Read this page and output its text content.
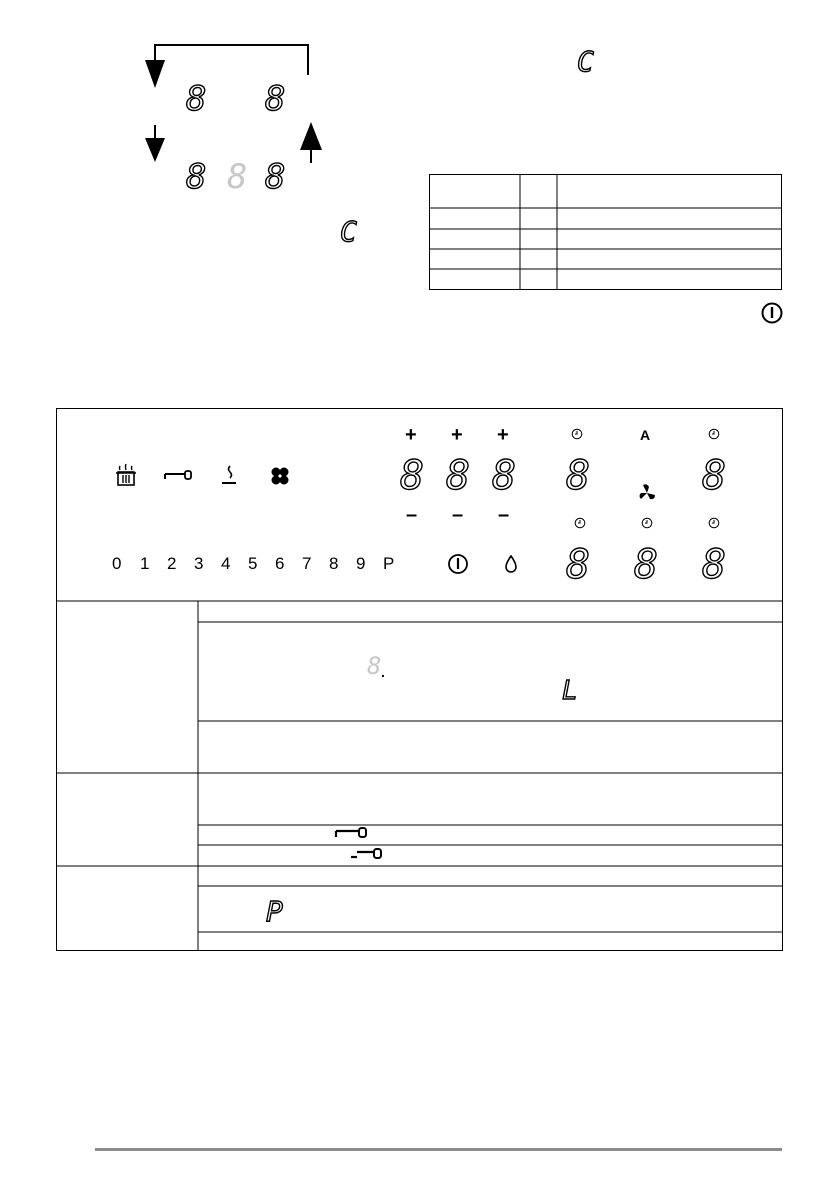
8 8
8 8 8
C
C
+ + +
– – –
8 8 8
A
8	8
8 8 8
0 1 2 3 4 5 6 7 8 9 P
8 .
L
P
